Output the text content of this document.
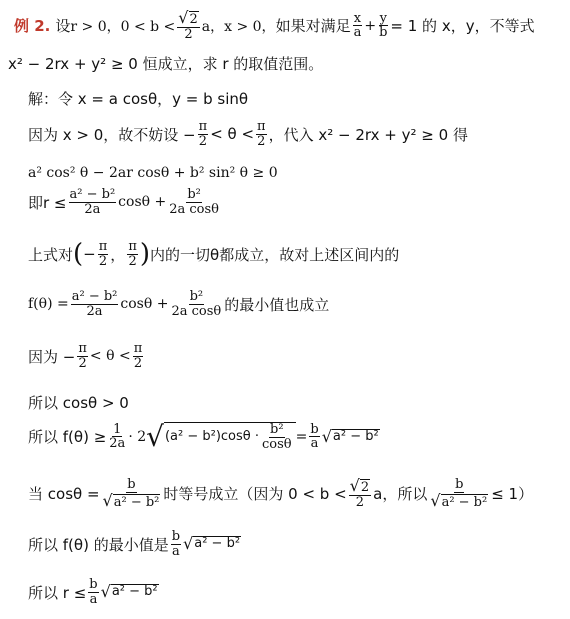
例 2. 设 r > 0，$0 < b < \frac{√2}{2}$ a，x > 0， 如果对满足 $\frac{x}{a} + \frac{y}{b} = 1$ 的 x，y，不等式
x² − 2rx + y² ≥ 0 恒成立，求 r 的取值范围。
解：令 x = a cosθ，y = b sinθ
因为 x > 0，故不妨设 − $\frac{\pi}{2} < \theta < \frac{\pi}{2}$ ，代入 x² − 2rx + y² ≥ 0 得
a² cos² θ − 2ar cosθ + b² sin² θ ≥ 0
即$r \le \frac{\text{a² − b²}}{2a}$ $\cos\theta + \frac{\text{b²}}{\text{2a cosθ}}$
上式对 ( − $\frac{\pi}{2}$ ， $\frac{\pi}{2}$ ) 内的一切θ都成立，故对上述区间内的
$f(\theta) = \frac{\text{a² − b²}}{2a}$ $\cos\theta + \frac{\text{b²}}{\text{2a cosθ}}$ 的最小值也成立
因为 − $\frac{\pi}{2} < \theta < \frac{\pi}{2}$
所以 cosθ > 0
所以 $f(\theta) \ge \frac{1}{2a} \cdot 2$ √ $(a^2 - b^2)\cos\theta \cdot \frac{\text{b²}}{\cos\theta} = \frac{b}{a}$ √ a² − b²
当 $\cos\theta = \frac{b}{\text{√a² − b²}}$ 时等号成立（因为 $0 < b < \frac{√2}{2}$ a，所以 $\frac{b}{\text{√a² − b²}} \le 1$）
所以 f(θ) 的最小值是 $\frac{b}{a}$ √ a² − b²
所以 $r \le \frac{b}{a}$ √ a² − b²
